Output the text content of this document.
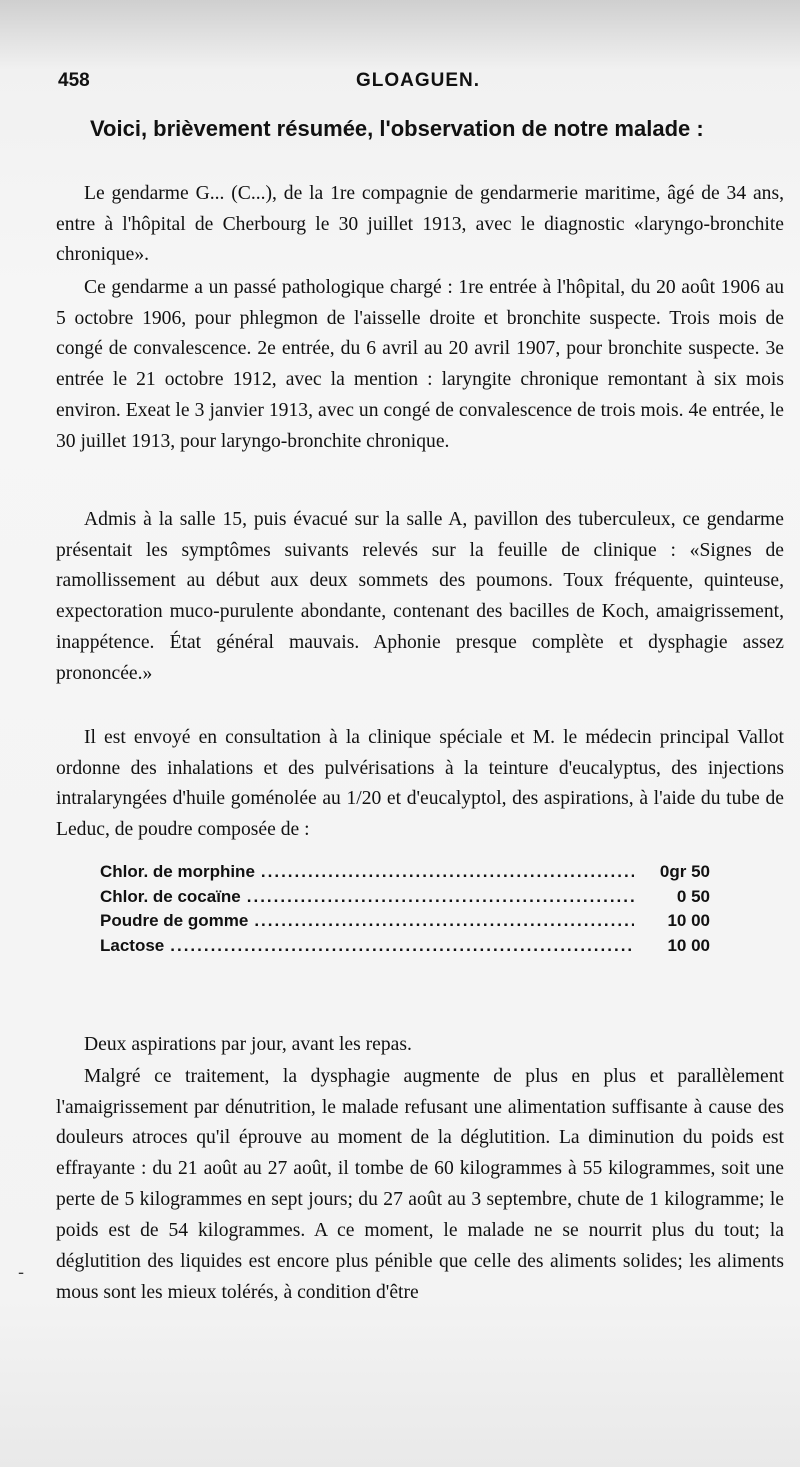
458	GLOAGUEN.
Voici, brièvement résumée, l'observation de notre malade :

Le gendarme G... (C...), de la 1re compagnie de gendarmerie maritime, âgé de 34 ans, entre à l'hôpital de Cherbourg le 30 juillet 1913, avec le diagnostic «laryngo-bronchite chronique».

Ce gendarme a un passé pathologique chargé : 1re entrée à l'hôpital, du 20 août 1906 au 5 octobre 1906, pour phlegmon de l'aisselle droite et bronchite suspecte. Trois mois de congé de convalescence. 2e entrée, du 6 avril au 20 avril 1907, pour bronchite suspecte. 3e entrée le 21 octobre 1912, avec la mention : laryngite chronique remontant à six mois environ. Exeat le 3 janvier 1913, avec un congé de convalescence de trois mois. 4e entrée, le 30 juillet 1913, pour laryngo-bronchite chronique.

Admis à la salle 15, puis évacué sur la salle A, pavillon des tuberculeux, ce gendarme présentait les symptômes suivants relevés sur la feuille de clinique : «Signes de ramollissement au début aux deux sommets des poumons. Toux fréquente, quinteuse, expectoration muco-purulente abondante, contenant des bacilles de Koch, amaigrissement, inappétence. État général mauvais. Aphonie presque complète et dysphagie assez prononcée.»

Il est envoyé en consultation à la clinique spéciale et M. le médecin principal Vallot ordonne des inhalations et des pulvérisations à la teinture d'eucalyptus, des injections intralaryngées d'huile goménolée au 1/20 et d'eucalyptol, des aspirations, à l'aide du tube de Leduc, de poudre composée de :

Chlor. de morphine .....	0gr 50
Chlor. de cocaïne .....	0 50
Poudre de gomme .....	10 00
Lactose .....	10 00

Deux aspirations par jour, avant les repas.

Malgré ce traitement, la dysphagie augmente de plus en plus et parallèlement l'amaigrissement par dénutrition, le malade refusant une alimentation suffisante à cause des douleurs atroces qu'il éprouve au moment de la déglutition. La diminution du poids est effrayante : du 21 août au 27 août, il tombe de 60 kilogrammes à 55 kilogrammes, soit une perte de 5 kilogrammes en sept jours; du 27 août au 3 septembre, chute de 1 kilogramme; le poids est de 54 kilogrammes. A ce moment, le malade ne se nourrit plus du tout; la déglutition des liquides est encore plus pénible que celle des aliments solides; les aliments mous sont les mieux tolérés, à condition d'être

-
